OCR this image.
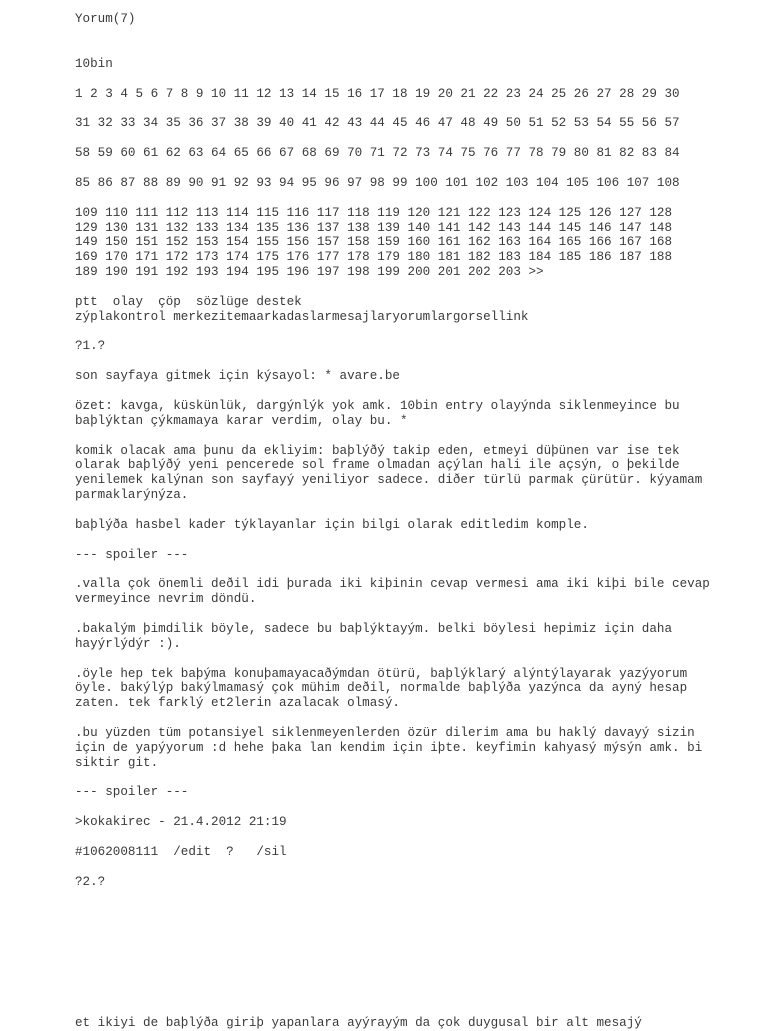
Yorum(7)
10bin
1 2 3 4 5 6 7 8 9 10 11 12 13 14 15 16 17 18 19 20 21 22 23 24 25 26 27 28 29 30
31 32 33 34 35 36 37 38 39 40 41 42 43 44 45 46 47 48 49 50 51 52 53 54 55 56 57
58 59 60 61 62 63 64 65 66 67 68 69 70 71 72 73 74 75 76 77 78 79 80 81 82 83 84
85 86 87 88 89 90 91 92 93 94 95 96 97 98 99 100 101 102 103 104 105 106 107 108
109 110 111 112 113 114 115 116 117 118 119 120 121 122 123 124 125 126 127 128
129 130 131 132 133 134 135 136 137 138 139 140 141 142 143 144 145 146 147 148
149 150 151 152 153 154 155 156 157 158 159 160 161 162 163 164 165 166 167 168
169 170 171 172 173 174 175 176 177 178 179 180 181 182 183 184 185 186 187 188
189 190 191 192 193 194 195 196 197 198 199 200 201 202 203 >>
ptt  olay  çöp  sözlüge destek
zýplakontrol merkezitemaarkadaslarmesajlaryorumlargorsellink
?1.?
son sayfaya gitmek için kýsayol: * avare.be
özet: kavga, küskünlük, dargýnlýk yok amk. 10bin entry olayýnda siklenmeyince bu baþlýktan çýkmamaya karar verdim, olay bu. *
komik olacak ama þunu da ekliyim: baþlýðý takip eden, etmeyi düþünen var ise tek olarak baþlýðý yeni pencerede sol frame olmadan açýlan hali ile açsýn, o þekilde yenilemek kalýnan son sayfayý yeniliyor sadece. diðer türlü parmak çürütür. kýyamam parmaklarýnýza.
baþlýða hasbel kader týklayanlar için bilgi olarak editledim komple.
--- spoiler ---
.valla çok önemli deðil idi þurada iki kiþinin cevap vermesi ama iki kiþi bile cevap vermeyince nevrim döndü.
.bakalým þimdilik böyle, sadece bu baþlýktayým. belki böylesi hepimiz için daha hayýrlýdýr :).
.öyle hep tek baþýma konuþamayacaðýmdan ötürü, baþlýklarý alýntýlayarak yazýyorum öyle. bakýlýp bakýlmamasý çok mühim deðil, normalde baþlýða yazýnca da ayný hesap zaten. tek farklý et2lerin azalacak olmasý.
.bu yüzden tüm potansiyel siklenmeyenlerden özür dilerim ama bu haklý davayý sizin için de yapýyorum :d hehe þaka lan kendim için iþte. keyfimin kahyasý mýsýn amk. bi siktir git.
--- spoiler ---
>kokakirec - 21.4.2012 21:19
#1062008111  /edit  ?   /sil
?2.?
et ikiyi de baþlýða giriþ yapanlara ayýrayým da çok duygusal bir alt mesajý
